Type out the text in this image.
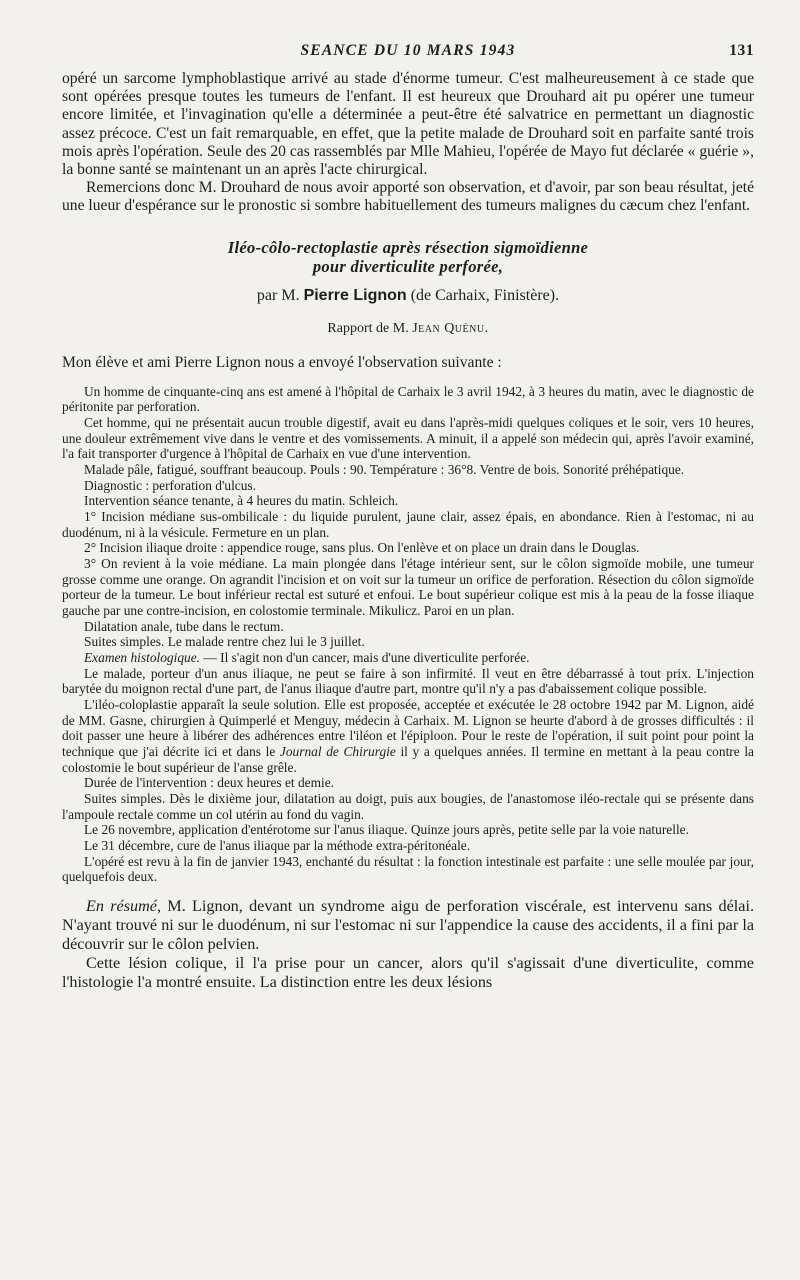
SEANCE DU 10 MARS 1943	131

opéré un sarcome lymphoblastique arrivé au stade d'énorme tumeur. C'est malheureusement à ce stade que sont opérées presque toutes les tumeurs de l'enfant. Il est heureux que Drouhard ait pu opérer une tumeur encore limitée, et l'invagination qu'elle a déterminée a peut-être été salvatrice en permettant un diagnostic assez précoce. C'est un fait remarquable, en effet, que la petite malade de Drouhard soit en parfaite santé trois mois après l'opération. Seule des 20 cas rassemblés par Mlle Mahieu, l'opérée de Mayo fut déclarée « guérie », la bonne santé se maintenant un an après l'acte chirurgical.

Remercions donc M. Drouhard de nous avoir apporté son observation, et d'avoir, par son beau résultat, jeté une lueur d'espérance sur le pronostic si sombre habituellement des tumeurs malignes du cæcum chez l'enfant.

Iléo-côlo-rectoplastie après résection sigmoïdienne
pour diverticulite perforée,
par M. Pierre Lignon (de Carhaix, Finistère).
Rapport de M. Jean Quénu.

Mon élève et ami Pierre Lignon nous a envoyé l'observation suivante :

Un homme de cinquante-cinq ans est amené à l'hôpital de Carhaix le 3 avril 1942, à 3 heures du matin, avec le diagnostic de péritonite par perforation.

Cet homme, qui ne présentait aucun trouble digestif, avait eu dans l'après-midi quelques coliques et le soir, vers 10 heures, une douleur extrêmement vive dans le ventre et des vomissements. A minuit, il a appelé son médecin qui, après l'avoir examiné, l'a fait transporter d'urgence à l'hôpital de Carhaix en vue d'une intervention.

Malade pâle, fatigué, souffrant beaucoup. Pouls : 90. Température : 36°8. Ventre de bois. Sonorité préhépatique.

Diagnostic : perforation d'ulcus.

Intervention séance tenante, à 4 heures du matin. Schleich.

1° Incision médiane sus-ombilicale : du liquide purulent, jaune clair, assez épais, en abondance. Rien à l'estomac, ni au duodénum, ni à la vésicule. Fermeture en un plan.

2° Incision iliaque droite : appendice rouge, sans plus. On l'enlève et on place un drain dans le Douglas.

3° On revient à la voie médiane. La main plongée dans l'étage intérieur sent, sur le côlon sigmoïde mobile, une tumeur grosse comme une orange. On agrandit l'incision et on voit sur la tumeur un orifice de perforation. Résection du côlon sigmoïde porteur de la tumeur. Le bout inférieur rectal est suturé et enfoui. Le bout supérieur colique est mis à la peau de la fosse iliaque gauche par une contre-incision, en colostomie terminale. Mikulicz. Paroi en un plan.

Dilatation anale, tube dans le rectum.

Suites simples. Le malade rentre chez lui le 3 juillet.

Examen histologique. — Il s'agit non d'un cancer, mais d'une diverticulite perforée.

Le malade, porteur d'un anus iliaque, ne peut se faire à son infirmité. Il veut en être débarrassé à tout prix. L'injection barytée du moignon rectal d'une part, de l'anus iliaque d'autre part, montre qu'il n'y a pas d'abaissement colique possible.

L'iléo-coloplastie apparaît la seule solution. Elle est proposée, acceptée et exécutée le 28 octobre 1942 par M. Lignon, aidé de MM. Gasne, chirurgien à Quimperlé et Menguy, médecin à Carhaix. M. Lignon se heurte d'abord à de grosses difficultés : il doit passer une heure à libérer des adhérences entre l'iléon et l'épiploon. Pour le reste de l'opération, il suit point pour point la technique que j'ai décrite ici et dans le Journal de Chirurgie il y a quelques années. Il termine en mettant à la peau contre la colostomie le bout supérieur de l'anse grêle.

Durée de l'intervention : deux heures et demie.

Suites simples. Dès le dixième jour, dilatation au doigt, puis aux bougies, de l'anastomose iléo-rectale qui se présente dans l'ampoule rectale comme un col utérin au fond du vagin.

Le 26 novembre, application d'entérotome sur l'anus iliaque. Quinze jours après, petite selle par la voie naturelle.

Le 31 décembre, cure de l'anus iliaque par la méthode extra-péritonéale.

L'opéré est revu à la fin de janvier 1943, enchanté du résultat : la fonction intestinale est parfaite : une selle moulée par jour, quelquefois deux.

En résumé, M. Lignon, devant un syndrome aigu de perforation viscérale, est intervenu sans délai. N'ayant trouvé ni sur le duodénum, ni sur l'estomac ni sur l'appendice la cause des accidents, il a fini par la découvrir sur le côlon pelvien.

Cette lésion colique, il l'a prise pour un cancer, alors qu'il s'agissait d'une diverticulite, comme l'histologie l'a montré ensuite. La distinction entre les deux lésions
